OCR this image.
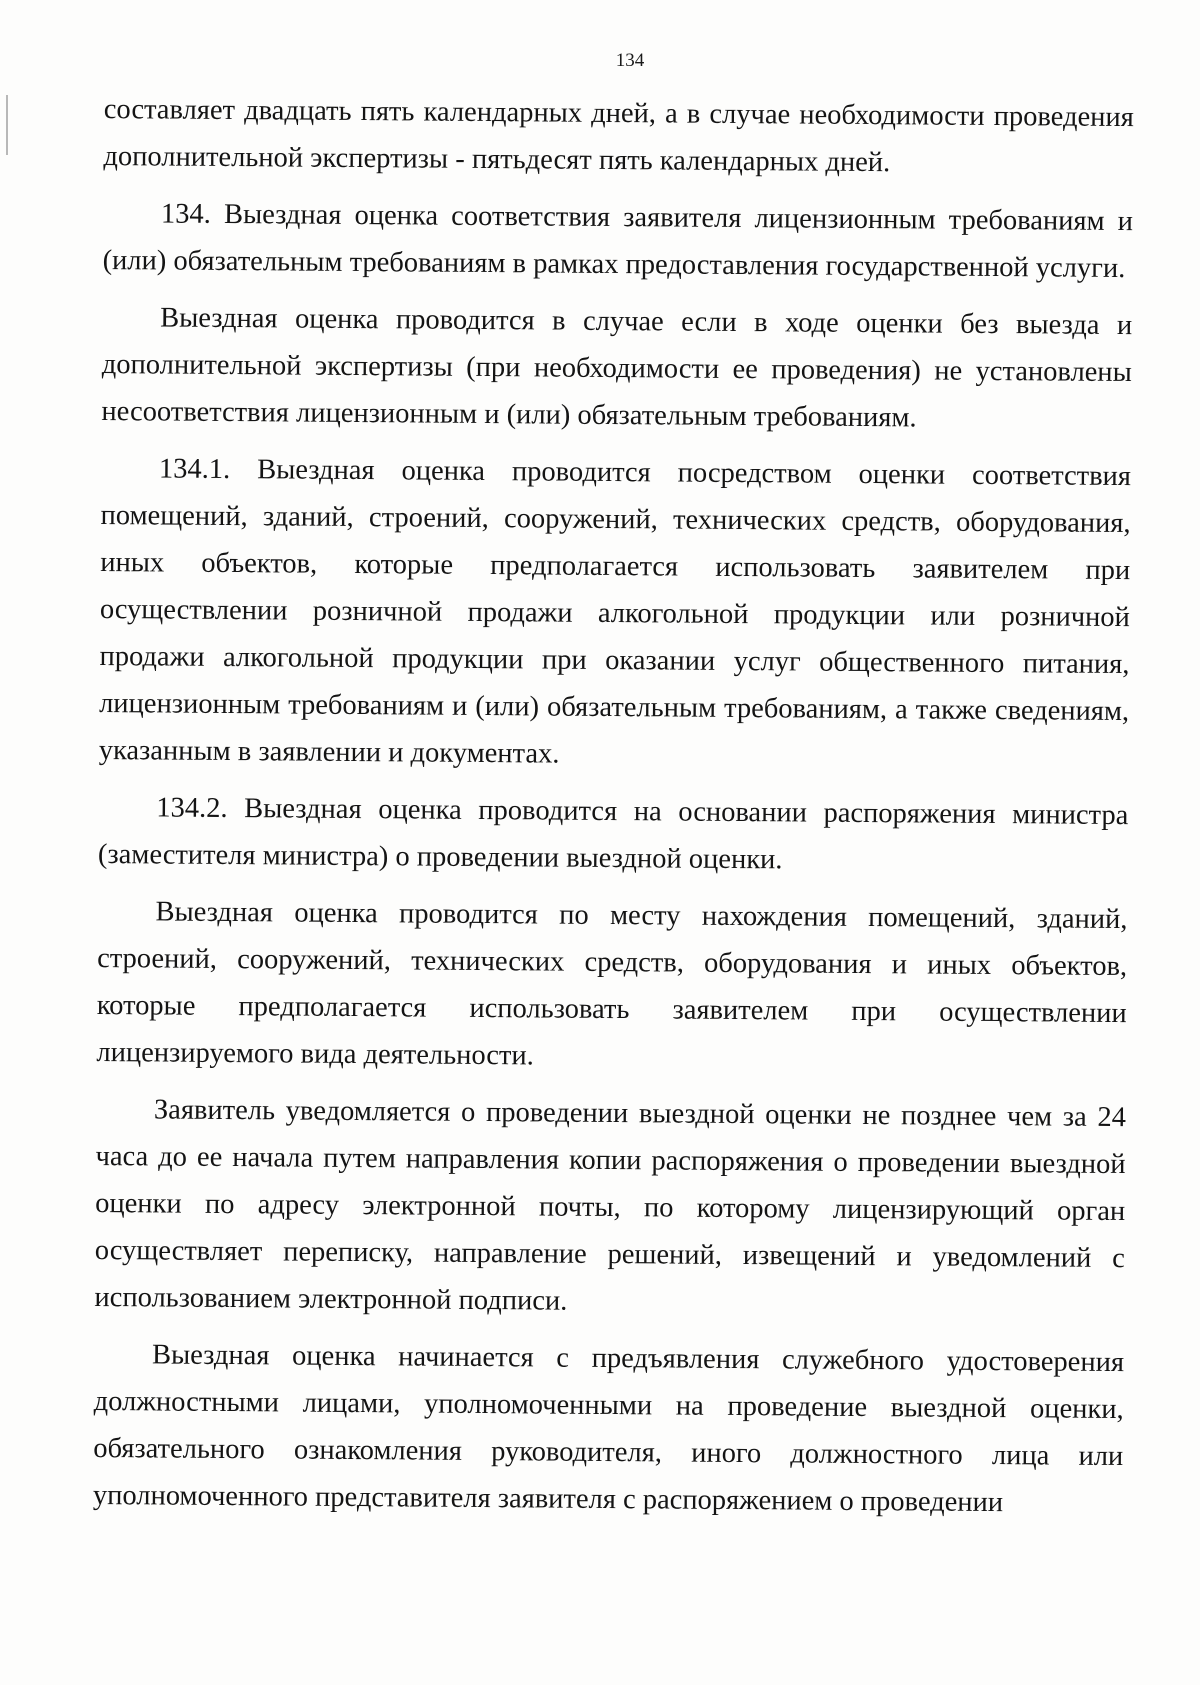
134

составляет двадцать пять календарных дней, а в случае необходимости проведения дополнительной экспертизы - пятьдесят пять календарных дней.

134. Выездная оценка соответствия заявителя лицензионным требованиям и (или) обязательным требованиям в рамках предоставления государственной услуги.

Выездная оценка проводится в случае если в ходе оценки без выезда и дополнительной экспертизы (при необходимости ее проведения) не установлены несоответствия лицензионным и (или) обязательным требованиям.

134.1. Выездная оценка проводится посредством оценки соответствия помещений, зданий, строений, сооружений, технических средств, оборудования, иных объектов, которые предполагается использовать заявителем при осуществлении розничной продажи алкогольной продукции или розничной продажи алкогольной продукции при оказании услуг общественного питания, лицензионным требованиям и (или) обязательным требованиям, а также сведениям, указанным в заявлении и документах.

134.2. Выездная оценка проводится на основании распоряжения министра (заместителя министра) о проведении выездной оценки.

Выездная оценка проводится по месту нахождения помещений, зданий, строений, сооружений, технических средств, оборудования и иных объектов, которые предполагается использовать заявителем при осуществлении лицензируемого вида деятельности.

Заявитель уведомляется о проведении выездной оценки не позднее чем за 24 часа до ее начала путем направления копии распоряжения о проведении выездной оценки по адресу электронной почты, по которому лицензирующий орган осуществляет переписку, направление решений, извещений и уведомлений с использованием электронной подписи.

Выездная оценка начинается с предъявления служебного удостоверения должностными лицами, уполномоченными на проведение выездной оценки, обязательного ознакомления руководителя, иного должностного лица или уполномоченного представителя заявителя с распоряжением о проведении
